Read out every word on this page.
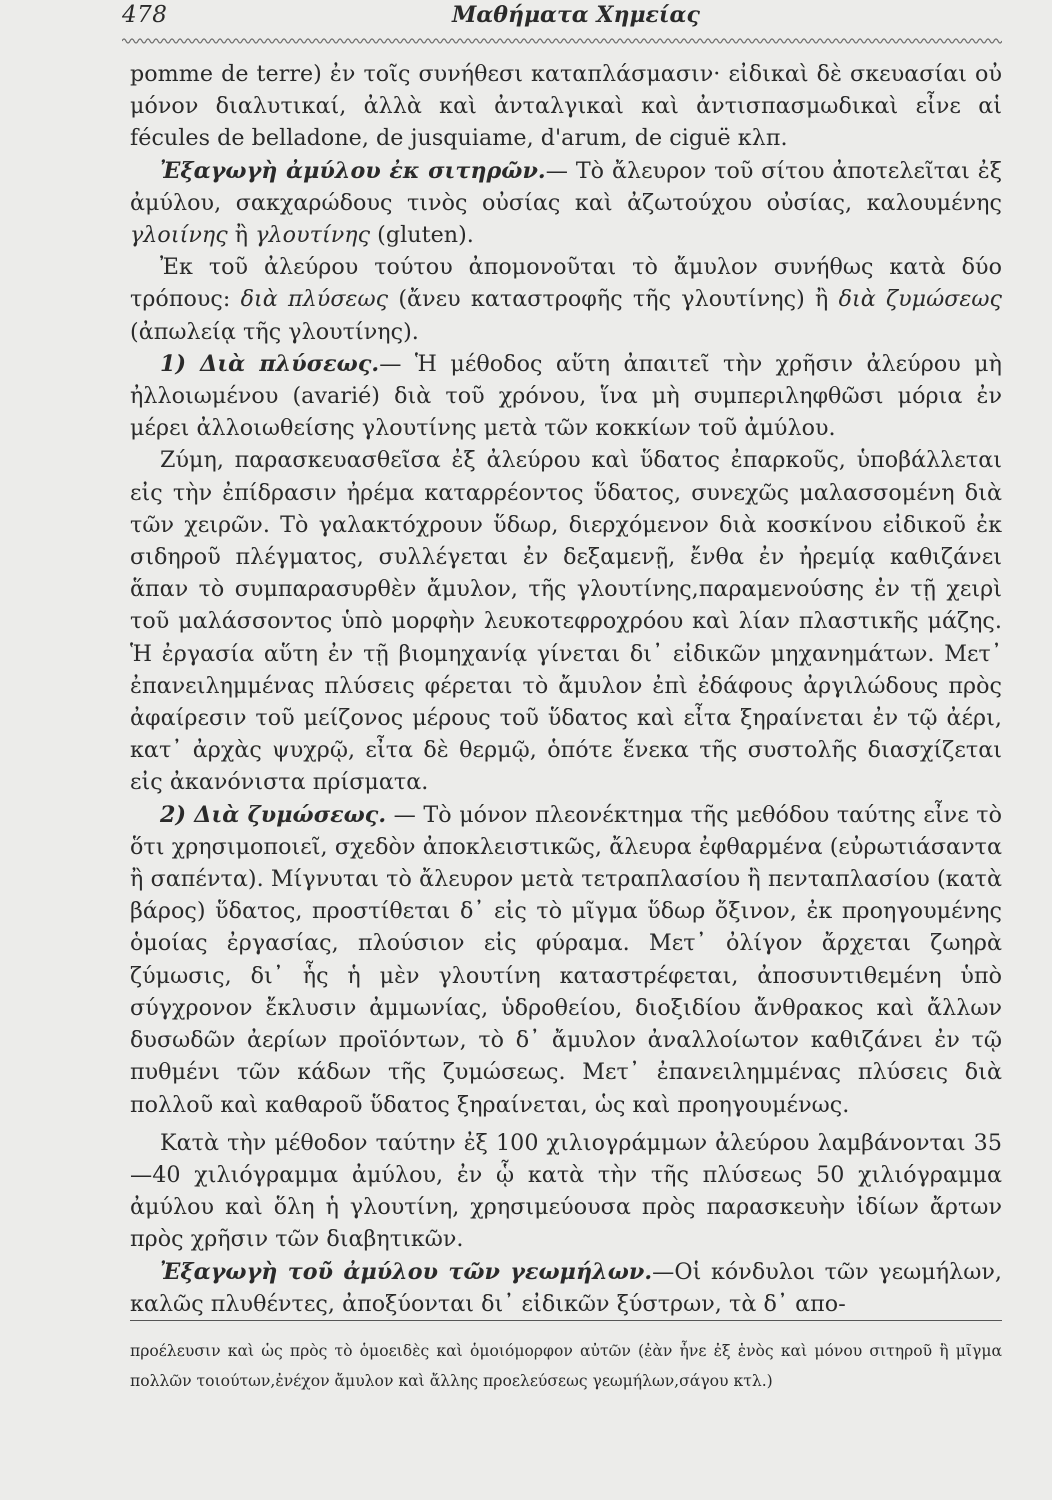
478	Μαθήματα Χημείας

pomme de terre) ἐν τοῖς συνήθεσι καταπλάσμασιν· εἰδικαὶ δὲ σκευασίαι οὐ μόνον διαλυτικαί, ἀλλὰ καὶ ἀνταλγικαὶ καὶ ἀντισπασμωδικαὶ εἶνε αἱ fécules de belladone, de jusquiame, d'arum, de ciguë κλπ.

Ἐξαγωγὴ ἀμύλου ἐκ σιτηρῶν.— Τὸ ἄλευρον τοῦ σίτου ἀποτελεῖται ἐξ ἀμύλου, σακχαρώδους τινὸς οὐσίας καὶ ἀζωτούχου οὐσίας, καλουμένης γλοιίνης ἢ γλουτίνης (gluten).

Ἐκ τοῦ ἀλεύρου τούτου ἀπομονοῦται τὸ ἄμυλον συνήθως κατὰ δύο τρόπους: διὰ πλύσεως (ἄνευ καταστροφῆς τῆς γλουτίνης) ἢ διὰ ζυμώσεως (ἀπωλείᾳ τῆς γλουτίνης).

1) Διὰ πλύσεως.— Ἡ μέθοδος αὕτη ἀπαιτεῖ τὴν χρῆσιν ἀλεύρου μὴ ἠλλοιωμένου (avarié) διὰ τοῦ χρόνου, ἵνα μὴ συμπεριληφθῶσι μόρια ἐν μέρει ἀλλοιωθείσης γλουτίνης μετὰ τῶν κοκκίων τοῦ ἀμύλου.

Ζύμη, παρασκευασθεῖσα ἐξ ἀλεύρου καὶ ὕδατος ἐπαρκοῦς, ὑποβάλλεται εἰς τὴν ἐπίδρασιν ἠρέμα καταρρέοντος ὕδατος, συνεχῶς μαλασσομένη διὰ τῶν χειρῶν. Τὸ γαλακτόχρουν ὕδωρ, διερχόμενον διὰ κοσκίνου εἰδικοῦ ἐκ σιδηροῦ πλέγματος, συλλέγεται ἐν δεξαμενῇ, ἔνθα ἐν ἠρεμίᾳ καθιζάνει ἅπαν τὸ συμπαρασυρθὲν ἄμυλον, τῆς γλουτίνης,παραμενούσης ἐν τῇ χειρὶ τοῦ μαλάσσοντος ὑπὸ μορφὴν λευκοτεφροχρόου καὶ λίαν πλαστικῆς μάζης. Ἡ ἐργασία αὕτη ἐν τῇ βιομηχανίᾳ γίνεται δι᾽ εἰδικῶν μηχανημάτων. Μετ᾽ ἐπανειλημμένας πλύσεις φέρεται τὸ ἄμυλον ἐπὶ ἐδάφους ἀργιλώδους πρὸς ἀφαίρεσιν τοῦ μείζονος μέρους τοῦ ὕδατος καὶ εἶτα ξηραίνεται ἐν τῷ ἀέρι, κατ᾽ ἀρχὰς ψυχρῷ, εἶτα δὲ θερμῷ, ὁπότε ἕνεκα τῆς συστολῆς διασχίζεται εἰς ἀκανόνιστα πρίσματα.

2) Διὰ ζυμώσεως. — Τὸ μόνον πλεονέκτημα τῆς μεθόδου ταύτης εἶνε τὸ ὅτι χρησιμοποιεῖ, σχεδὸν ἀποκλειστικῶς, ἄλευρα ἐφθαρμένα (εὐρωτιάσαντα ἢ σαπέντα). Μίγνυται τὸ ἄλευρον μετὰ τετραπλασίου ἢ πενταπλασίου (κατὰ βάρος) ὕδατος, προστίθεται δ᾽ εἰς τὸ μῖγμα ὕδωρ ὄξινον, ἐκ προηγουμένης ὁμοίας ἐργασίας, πλούσιον εἰς φύραμα. Μετ᾽ ὀλίγον ἄρχεται ζωηρὰ ζύμωσις, δι᾽ ἧς ἡ μὲν γλουτίνη καταστρέφεται, ἀποσυντιθεμένη ὑπὸ σύγχρονον ἔκλυσιν ἀμμωνίας, ὑδροθείου, διοξιδίου ἄνθρακος καὶ ἄλλων δυσωδῶν ἀερίων προϊόντων, τὸ δ᾽ ἄμυλον ἀναλλοίωτον καθιζάνει ἐν τῷ πυθμένι τῶν κάδων τῆς ζυμώσεως. Μετ᾽ ἐπανειλημμένας πλύσεις διὰ πολλοῦ καὶ καθαροῦ ὕδατος ξηραίνεται, ὡς καὶ προηγουμένως.

Κατὰ τὴν μέθοδον ταύτην ἐξ 100 χιλιογράμμων ἀλεύρου λαμβάνονται 35—40 χιλιόγραμμα ἀμύλου, ἐν ᾧ κατὰ τὴν τῆς πλύσεως 50 χιλιόγραμμα ἀμύλου καὶ ὅλη ἡ γλουτίνη, χρησιμεύουσα πρὸς παρασκευὴν ἰδίων ἄρτων πρὸς χρῆσιν τῶν διαβητικῶν.

Ἐξαγωγὴ τοῦ ἀμύλου τῶν γεωμήλων.—Οἱ κόνδυλοι τῶν γεωμήλων, καλῶς πλυθέντες, ἀποξύονται δι᾽ εἰδικῶν ξύστρων, τὰ δ᾽ απο-

προέλευσιν καὶ ὡς πρὸς τὸ ὁμοειδὲς καὶ ὁμοιόμορφον αὐτῶν (ἐὰν ἦνε ἐξ ἑνὸς καὶ μόνου σιτηροῦ ἢ μῖγμα πολλῶν τοιούτων,ἐνέχον ἄμυλον καὶ ἄλλης προελεύσεως γεωμήλων,σάγου κτλ.)
